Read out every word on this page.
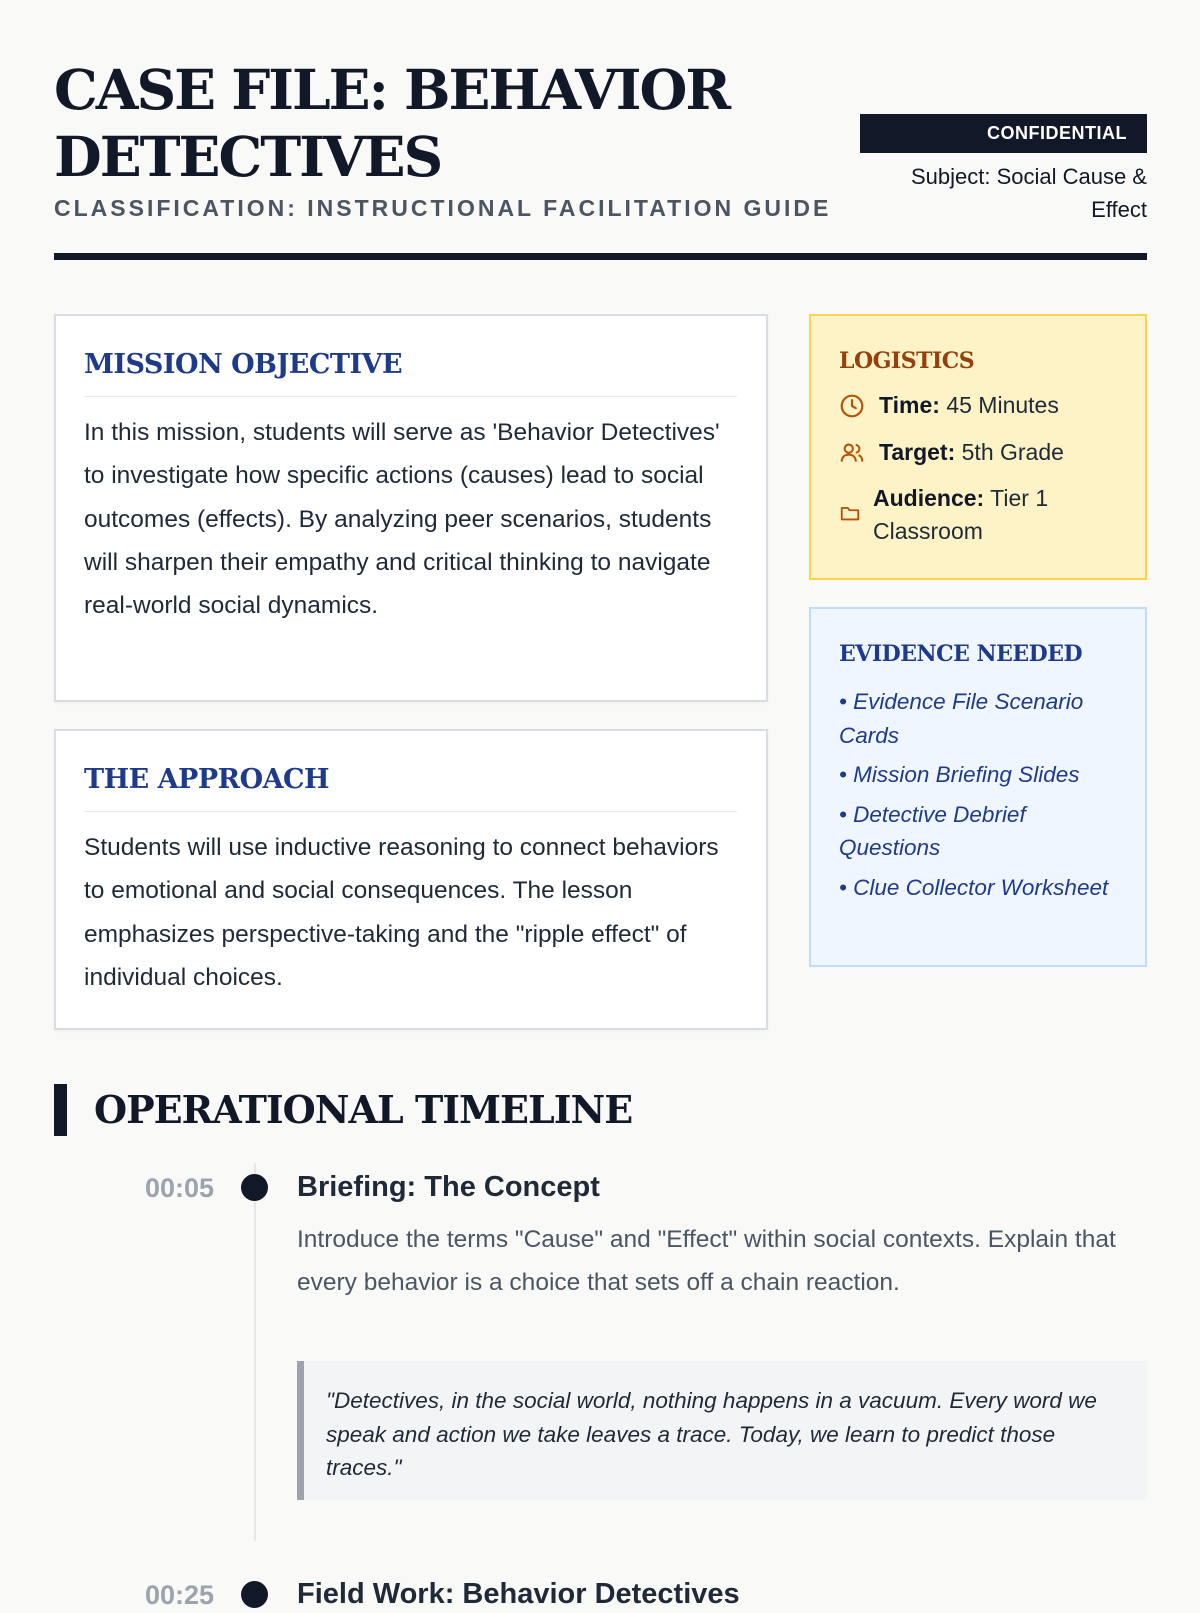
CASE FILE: BEHAVIOR DETECTIVES
CLASSIFICATION: INSTRUCTIONAL FACILITATION GUIDE
CONFIDENTIAL
Subject: Social Cause & Effect
MISSION OBJECTIVE

In this mission, students will serve as 'Behavior Detectives' to investigate how specific actions (causes) lead to social outcomes (effects). By analyzing peer scenarios, students will sharpen their empathy and critical thinking to navigate real-world social dynamics.

THE APPROACH

Students will use inductive reasoning to connect behaviors to emotional and social consequences. The lesson emphasizes perspective-taking and the "ripple effect" of individual choices.

LOGISTICS
Time: 45 Minutes
Target: 5th Grade
Audience: Tier 1 Classroom
EVIDENCE NEEDED
• Evidence File Scenario Cards
• Mission Briefing Slides
• Detective Debrief Questions
• Clue Collector Worksheet
OPERATIONAL TIMELINE
00:05	Briefing: The Concept

Introduce the terms "Cause" and "Effect" within social contexts. Explain that every behavior is a choice that sets off a chain reaction.

"Detectives, in the social world, nothing happens in a vacuum. Every word we speak and action we take leaves a trace. Today, we learn to predict those traces."
00:25	Field Work: Behavior Detectives
